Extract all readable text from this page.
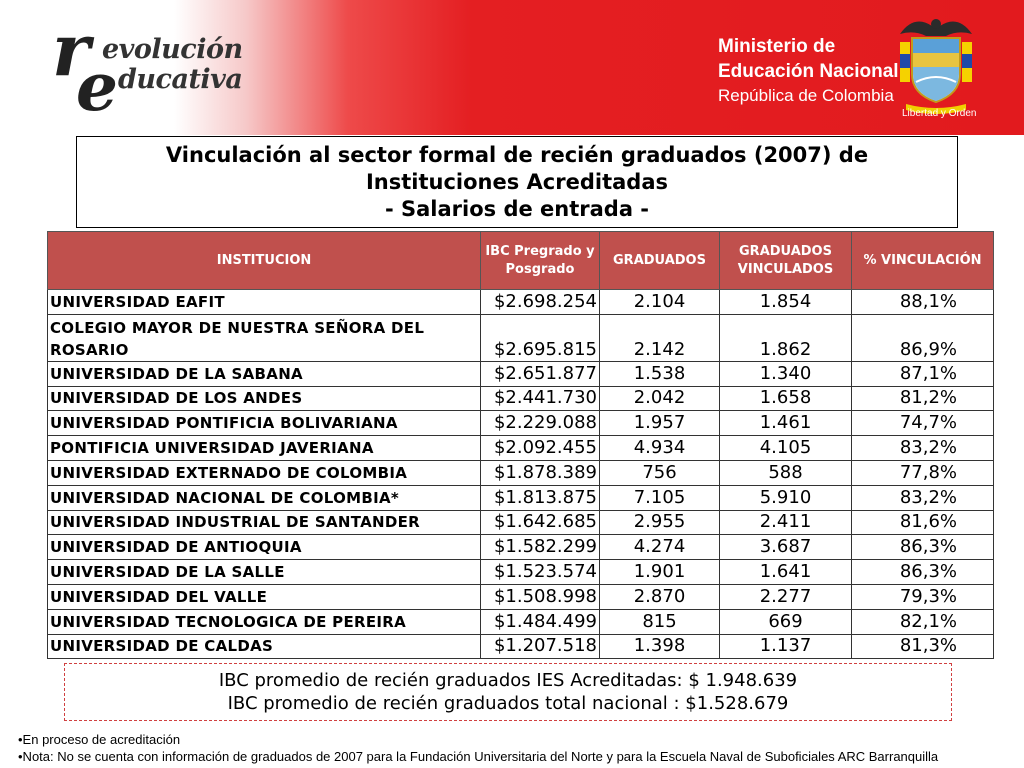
r
e
evolución
ducativa
Ministerio de
Educación Nacional
República de Colombia
Libertad y Orden
Vinculación al sector formal de recién graduados (2007) de
Instituciones Acreditadas
- Salarios de entrada -
INSTITUCION	IBC Pregrado y Posgrado	GRADUADOS	GRADUADOS VINCULADOS	% VINCULACIÓN
UNIVERSIDAD EAFIT	$2.698.254	2.104	1.854	88,1%
COLEGIO MAYOR DE NUESTRA SEÑORA DEL ROSARIO	$2.695.815	2.142	1.862	86,9%
UNIVERSIDAD DE LA SABANA	$2.651.877	1.538	1.340	87,1%
UNIVERSIDAD DE LOS ANDES	$2.441.730	2.042	1.658	81,2%
UNIVERSIDAD PONTIFICIA BOLIVARIANA	$2.229.088	1.957	1.461	74,7%
PONTIFICIA UNIVERSIDAD JAVERIANA	$2.092.455	4.934	4.105	83,2%
UNIVERSIDAD EXTERNADO DE COLOMBIA	$1.878.389	756	588	77,8%
UNIVERSIDAD NACIONAL DE COLOMBIA*	$1.813.875	7.105	5.910	83,2%
UNIVERSIDAD INDUSTRIAL DE SANTANDER	$1.642.685	2.955	2.411	81,6%
UNIVERSIDAD DE ANTIOQUIA	$1.582.299	4.274	3.687	86,3%
UNIVERSIDAD DE LA SALLE	$1.523.574	1.901	1.641	86,3%
UNIVERSIDAD DEL VALLE	$1.508.998	2.870	2.277	79,3%
UNIVERSIDAD TECNOLOGICA DE PEREIRA	$1.484.499	815	669	82,1%
UNIVERSIDAD DE CALDAS	$1.207.518	1.398	1.137	81,3%
IBC promedio de recién graduados IES Acreditadas: $ 1.948.639
IBC promedio de recién graduados total nacional : $1.528.679
•En proceso de acreditación
•Nota: No se cuenta con información de graduados de 2007 para la Fundación Universitaria del Norte y para la Escuela Naval de Suboficiales ARC Barranquilla
